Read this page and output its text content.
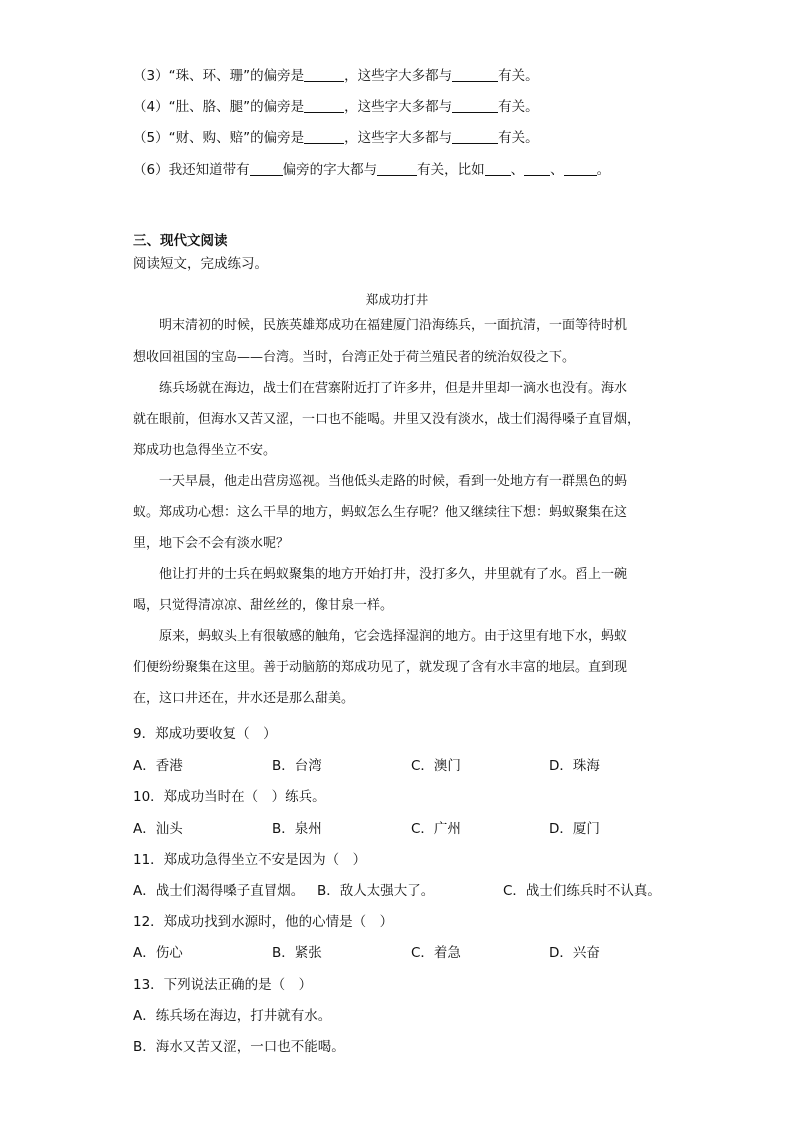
（3）“珠、环、珊”的偏旁是	，这些字大多都与	有关。
（4）“肚、胳、腿”的偏旁是	，这些字大多都与	有关。
（5）“财、购、赔”的偏旁是	，这些字大多都与	有关。
（6）我还知道带有 偏旁的字大都与	有关，比如 、 、 。
三、现代文阅读
阅读短文，完成练习。
郑成功打井
　　明末清初的时候，民族英雄郑成功在福建厦门沿海练兵，一面抗清，一面等待时机
想收回祖国的宝岛——台湾。当时，台湾正处于荷兰殖民者的统治奴役之下。
　　练兵场就在海边，战士们在营寨附近打了许多井，但是井里却一滴水也没有。海水
就在眼前，但海水又苦又涩，一口也不能喝。井里又没有淡水，战士们渴得嗓子直冒烟，
郑成功也急得坐立不安。
　　一天早晨，他走出营房巡视。当他低头走路的时候，看到一处地方有一群黑色的蚂
蚁。郑成功心想：这么干旱的地方，蚂蚁怎么生存呢？他又继续往下想：蚂蚁聚集在这
里，地下会不会有淡水呢？
　　他让打井的士兵在蚂蚁聚集的地方开始打井，没打多久，井里就有了水。舀上一碗
喝，只觉得清凉凉、甜丝丝的，像甘泉一样。
　　原来，蚂蚁头上有很敏感的触角，它会选择湿润的地方。由于这里有地下水，蚂蚁
们便纷纷聚集在这里。善于动脑筋的郑成功见了，就发现了含有水丰富的地层。直到现
在，这口井还在，井水还是那么甜美。
9．郑成功要收复（　）
A．香港	B．台湾	C．澳门	D．珠海
10．郑成功当时在（　）练兵。
A．汕头	B．泉州	C．广州	D．厦门
11．郑成功急得坐立不安是因为（　）
A．战士们渴得嗓子直冒烟。 B．敌人太强大了。	C．战士们练兵时不认真。
12．郑成功找到水源时，他的心情是（　）
A．伤心	B．紧张	C．着急	D．兴奋
13．下列说法正确的是（　）
A．练兵场在海边，打井就有水。
B．海水又苦又涩，一口也不能喝。
